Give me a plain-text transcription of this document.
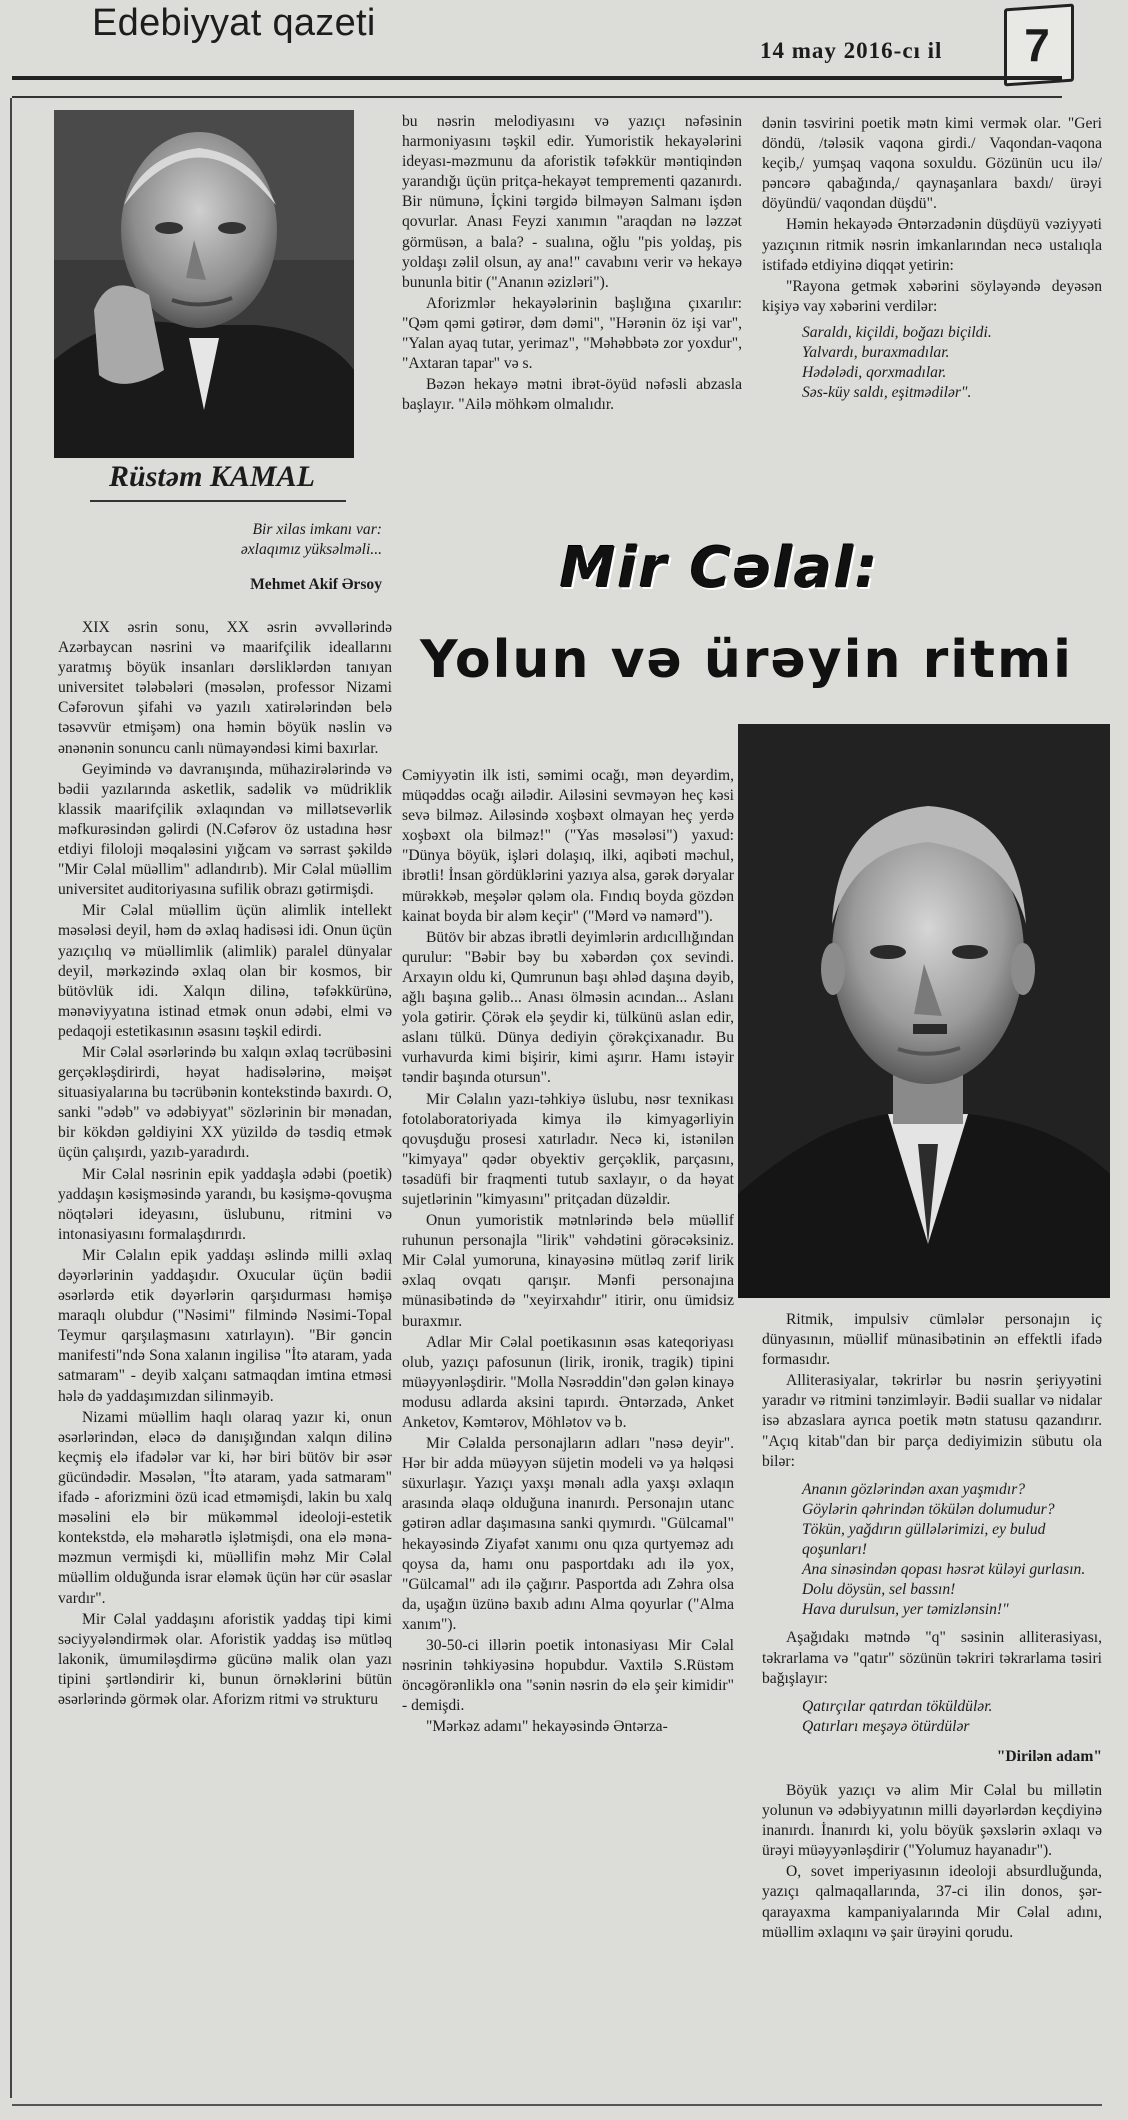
Edebiyyat qazeti
14 may 2016-cı il	7
Rüstəm KAMAL
Bir xilas imkanı var:
əxlaqımız yüksəlməli...
Mehmet Akif Ərsoy

XIX əsrin sonu, XX əsrin əvvəllərində Azərbaycan nəsrini və maarifçilik ideallarını yaratmış böyük insanları dərsliklərdən tanıyan universitet tələbələri (məsələn, professor Nizami Cəfərovun şifahi və yazılı xatirələrindən belə təsəvvür etmişəm) ona həmin böyük nəslin və ənənənin sonuncu canlı nümayəndəsi kimi baxırlar.

Geyimində və davranışında, mühazirələrində və bədii yazılarında asketlik, sadəlik və müdriklik klassik maarifçilik əxlaqından və millətsevərlik məfkurəsindən gəlirdi (N.Cəfərov öz ustadına həsr etdiyi filoloji məqaləsini yığcam və sərrast şəkildə "Mir Cəlal müəllim" adlandırıb). Mir Cəlal müəllim universitet auditoriyasına sufilik obrazı gətirmişdi.

Mir Cəlal müəllim üçün alimlik intellekt məsələsi deyil, həm də əxlaq hadisəsi idi. Onun üçün yazıçılıq və müəllimlik (alimlik) paralel dünyalar deyil, mərkəzində əxlaq olan bir kosmos, bir bütövlük idi. Xalqın dilinə, təfəkkürünə, mənəviyyatına istinad etmək onun ədəbi, elmi və pedaqoji estetikasının əsasını təşkil edirdi.

Mir Cəlal əsərlərində bu xalqın əxlaq təcrübəsini gerçəkləşdirirdi, həyat hadisələrinə, məişət situasiyalarına bu təcrübənin kontekstində baxırdı. O, sanki "ədəb" və ədəbiyyat" sözlərinin bir mənadan, bir kökdən gəldiyini XX yüzildə də təsdiq etmək üçün çalışırdı, yazıb-yaradırdı.

Mir Cəlal nəsrinin epik yaddaşla ədəbi (poetik) yaddaşın kəsişməsində yarandı, bu kəsişmə-qovuşma nöqtələri ideyasını, üslubunu, ritmini və intonasiyasını formalaşdırırdı.

Mir Cəlalın epik yaddaşı əslində milli əxlaq dəyərlərinin yaddaşıdır. Oxucular üçün bədii əsərlərdə etik dəyərlərin qarşıdurması həmişə maraqlı olubdur ("Nəsimi" filmində Nəsimi-Topal Teymur qarşılaşmasını xatırlayın). "Bir gəncin manifesti"ndə Sona xalanın ingilisə "İtə ataram, yada satmaram" - deyib xalçanı satmaqdan imtina etməsi hələ də yaddaşımızdan silinməyib.

Nizami müəllim haqlı olaraq yazır ki, onun əsərlərindən, eləcə də danışığından xalqın dilinə keçmiş elə ifadələr var ki, hər biri bütöv bir əsər gücündədir. Məsələn, "İtə ataram, yada satmaram" ifadə - aforizmini özü icad etməmişdi, lakin bu xalq məsəlini elə bir mükəmməl ideoloji-estetik kontekstdə, elə məharətlə işlətmişdi, ona elə məna-məzmun vermişdi ki, müəllifin məhz Mir Cəlal müəllim olduğunda israr eləmək üçün hər cür əsaslar vardır".

Mir Cəlal yaddaşını aforistik yaddaş tipi kimi səciyyələndirmək olar. Aforistik yaddaş isə mütləq lakonik, ümumiləşdirmə gücünə malik olan yazı tipini şərtləndirir ki, bunun örnəklərini bütün əsərlərində görmək olar. Aforizm ritmi və strukturu

bu nəsrin melodiyasını və yazıçı nəfəsinin harmoniyasını təşkil edir. Yumoristik hekayələrini ideyası-məzmunu da aforistik təfəkkür məntiqindən yarandığı üçün pritça-hekayət temprementi qazanırdı. Bir nümunə, İçkini tərgidə bilməyən Salmanı işdən qovurlar. Anası Feyzi xanımın "araqdan nə ləzzət görmüsən, a bala? - sualına, oğlu "pis yoldaş, pis yoldaşı zəlil olsun, ay ana!" cavabını verir və hekayə bununla bitir ("Ananın əzizləri").

Aforizmlər hekayələrinin başlığına çıxarılır: "Qəm qəmi gətirər, dəm dəmi", "Hərənin öz işi var", "Yalan ayaq tutar, yerimaz", "Məhəbbətə zor yoxdur", "Axtaran tapar" və s.

Bəzən hekayə mətni ibrət-öyüd nəfəsli abzasla başlayır. "Ailə möhkəm olmalıdır.

dənin təsvirini poetik mətn kimi vermək olar. "Geri döndü, /tələsik vaqona girdi./ Vaqondan-vaqona keçib,/ yumşaq vaqona soxuldu. Gözünün ucu ilə/ pəncərə qabağında,/ qaynaşanlara baxdı/ ürəyi döyündü/ vaqondan düşdü".

Həmin hekayədə Əntərzadənin düşdüyü vəziyyəti yazıçının ritmik nəsrin imkanlarından necə ustalıqla istifadə etdiyinə diqqət yetirin:

"Rayona getmək xəbərini söyləyəndə deyəsən kişiyə vay xəbərini verdilər:

Saraldı, kiçildi, boğazı biçildi.
Yalvardı, buraxmadılar.
Hədələdi, qorxmadılar.
Səs-küy saldı, eşitmədilər".
Mir Cəlal:
Yolun və ürəyin ritmi

Cəmiyyətin ilk isti, səmimi ocağı, mən deyərdim, müqəddəs ocağı ailədir. Ailəsini sevməyən heç kəsi sevə bilməz. Ailəsində xoşbəxt olmayan heç yerdə xoşbəxt ola bilməz!" ("Yas məsələsi") yaxud: "Dünya böyük, işləri dolaşıq, ilki, aqibəti məchul, ibrətli! İnsan gördüklərini yazıya alsa, gərək dəryalar mürəkkəb, meşələr qələm ola. Fındıq boyda gözdən kainat boyda bir aləm keçir" ("Mərd və namərd").

Bütöv bir abzas ibrətli deyimlərin ardıcıllığından qurulur: "Bəbir bəy bu xəbərdən çox sevindi. Arxayın oldu ki, Qumrunun başı əhləd daşına dəyib, ağlı başına gəlib... Anası ölməsin acından... Aslanı yola gətirir. Çörək elə şeydir ki, tülkünü aslan edir, aslanı tülkü. Dünya dediyin çörəkçixanadır. Bu vurhavurda kimi bişirir, kimi aşırır. Hamı istəyir təndir başında otursun".

Mir Cəlalın yazı-təhkiyə üslubu, nəsr texnikası fotolaboratoriyada kimya ilə kimyagərliyin qovuşduğu prosesi xatırladır. Necə ki, istənilən "kimyaya" qədər obyektiv gerçəklik, parçasını, təsadüfi bir fraqmenti tutub saxlayır, o da həyat sujetlərinin "kimyasını" pritçadan düzəldir.

Onun yumoristik mətnlərində belə müəllif ruhunun personajla "lirik" vəhdətini görəcəksiniz. Mir Cəlal yumoruna, kinayəsinə mütləq zərif lirik əxlaq ovqatı qarışır. Mənfi personajına münasibətində də "xeyirxahdır" itirir, onu ümidsiz buraxmır.

Adlar Mir Cəlal poetikasının əsas kateqoriyası olub, yazıçı pafosunun (lirik, ironik, tragik) tipini müəyyənləşdirir. "Molla Nəsrəddin"dən gələn kinayə modusu adlarda aksini tapırdı. Əntərzadə, Anket Anketov, Kəmtərov, Möhlətov və b.

Mir Cəlalda personajların adları "nəsə deyir". Hər bir adda müəyyən süjetin modeli və ya həlqəsi süxurlaşır. Yazıçı yaxşı mənalı adla yaxşı əxlaqın arasında əlaqə olduğuna inanırdı. Personajın utanc gətirən adlar daşımasına sanki qıymırdı. "Gülcamal" hekayəsində Ziyafət xanımı onu qıza qurtyeməz adı qoysa da, hamı onu pasportdakı adı ilə yox, "Gülcamal" adı ilə çağırır. Pasportda adı Zəhra olsa da, uşağın üzünə baxıb adını Alma qoyurlar ("Alma xanım").

30-50-ci illərin poetik intonasiyası Mir Cəlal nəsrinin təhkiyəsinə hopubdur. Vaxtilə S.Rüstəm öncəgörənliklə ona "sənin nəsrin də elə şeir kimidir" - demişdi.

"Mərkəz adamı" hekayəsində Əntərza-

Ritmik, impulsiv cümlələr personajın iç dünyasının, müəllif münasibətinin ən effektli ifadə formasıdır.

Alliterasiyalar, təkrirlər bu nəsrin şeriyyətini yaradır və ritmini tənzimləyir. Bədii suallar və nidalar isə abzaslara ayrıca poetik mətn statusu qazandırır. "Açıq kitab"dan bir parça dediyimizin sübutu ola bilər:

Ananın gözlərindən axan yaşmıdır?
Göylərin qəhrindən tökülən dolumudur?
Tökün, yağdırın güllələrimizi, ey bulud qoşunları!
Ana sinəsindən qopası həsrət küləyi gurlasın.
Dolu döysün, sel bassın!
Hava durulsun, yer təmizlənsin!"

Aşağıdakı mətndə "q" səsinin alliterasiyası, təkrarlama və "qatır" sözünün təkriri təkrarlama təsiri bağışlayır:

Qatırçılar qatırdan töküldülər.
Qatırları meşəyə ötürdülər
"Dirilən adam"

Böyük yazıçı və alim Mir Cəlal bu millətin yolunun və ədəbiyyatının milli dəyərlərdən keçdiyinə inanırdı. İnanırdı ki, yolu böyük şəxslərin əxlaqı və ürəyi müəyyənləşdirir ("Yolumuz hayanadır").

O, sovet imperiyasının ideoloji absurdluğunda, yazıçı qalmaqallarında, 37-ci ilin donos, şər-qarayaxma kampaniyalarında Mir Cəlal adını, müəllim əxlaqını və şair ürəyini qorudu.
